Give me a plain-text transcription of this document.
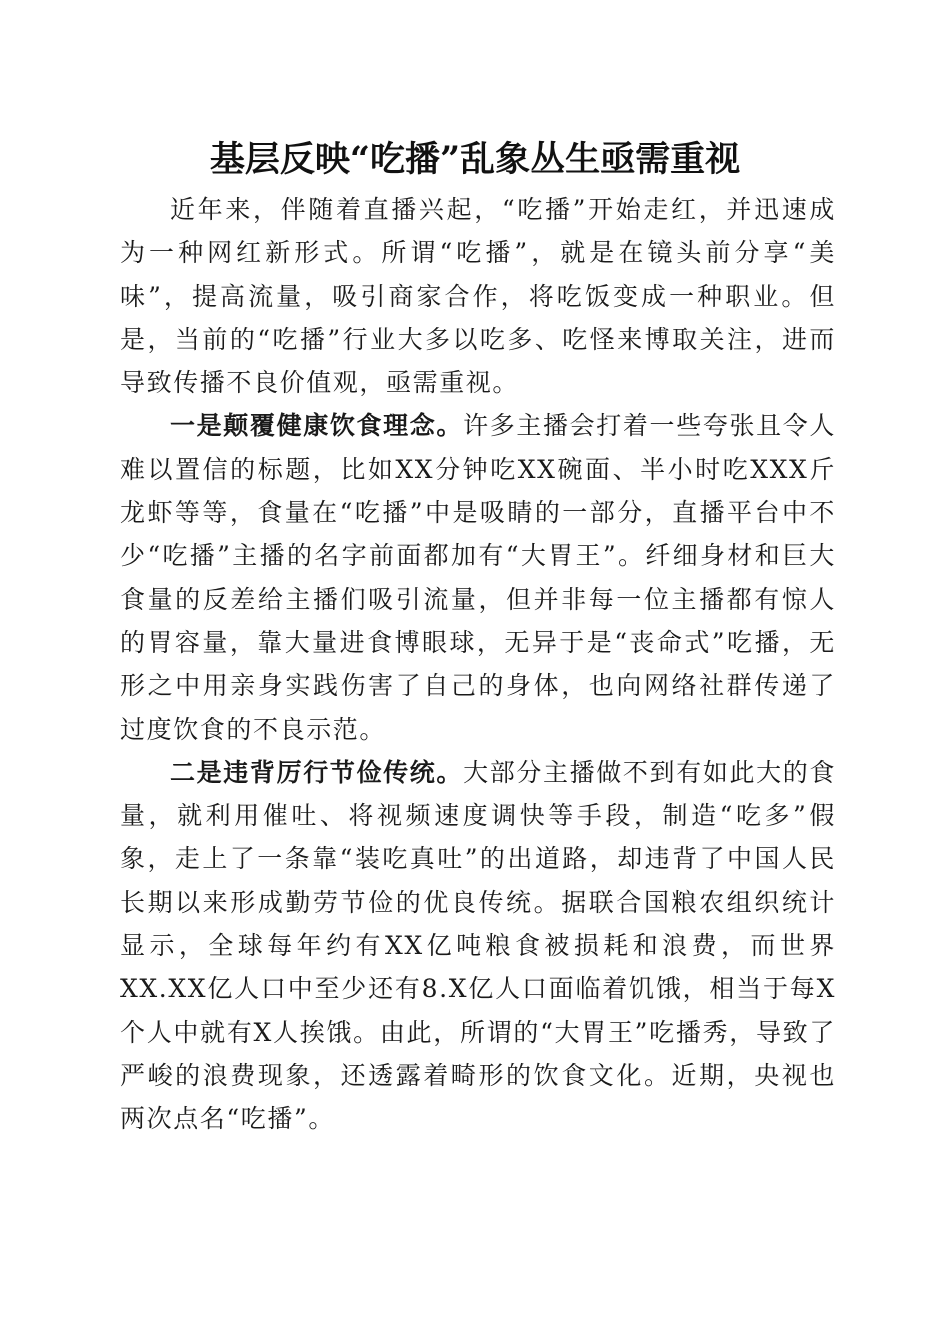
基层反映“吃播”乱象丛生亟需重视

近年来，伴随着直播兴起，“吃播”开始走红，并迅速成为一种网红新形式。所谓“吃播”，就是在镜头前分享“美味”，提高流量，吸引商家合作，将吃饭变成一种职业。但是，当前的“吃播”行业大多以吃多、吃怪来博取关注，进而导致传播不良价值观，亟需重视。

一是颠覆健康饮食理念。许多主播会打着一些夸张且令人难以置信的标题，比如XX分钟吃XX碗面、半小时吃XXX斤龙虾等等，食量在“吃播”中是吸睛的一部分，直播平台中不少“吃播”主播的名字前面都加有“大胃王”。纤细身材和巨大食量的反差给主播们吸引流量，但并非每一位主播都有惊人的胃容量，靠大量进食博眼球，无异于是“丧命式”吃播，无形之中用亲身实践伤害了自己的身体，也向网络社群传递了过度饮食的不良示范。

二是违背厉行节俭传统。大部分主播做不到有如此大的食量，就利用催吐、将视频速度调快等手段，制造“吃多”假象，走上了一条靠“装吃真吐”的出道路，却违背了中国人民长期以来形成勤劳节俭的优良传统。据联合国粮农组织统计显示，全球每年约有XX亿吨粮食被损耗和浪费，而世界XX.XX亿人口中至少还有8.X亿人口面临着饥饿，相当于每X个人中就有X人挨饿。由此，所谓的“大胃王”吃播秀，导致了严峻的浪费现象，还透露着畸形的饮食文化。近期，央视也两次点名“吃播”。
